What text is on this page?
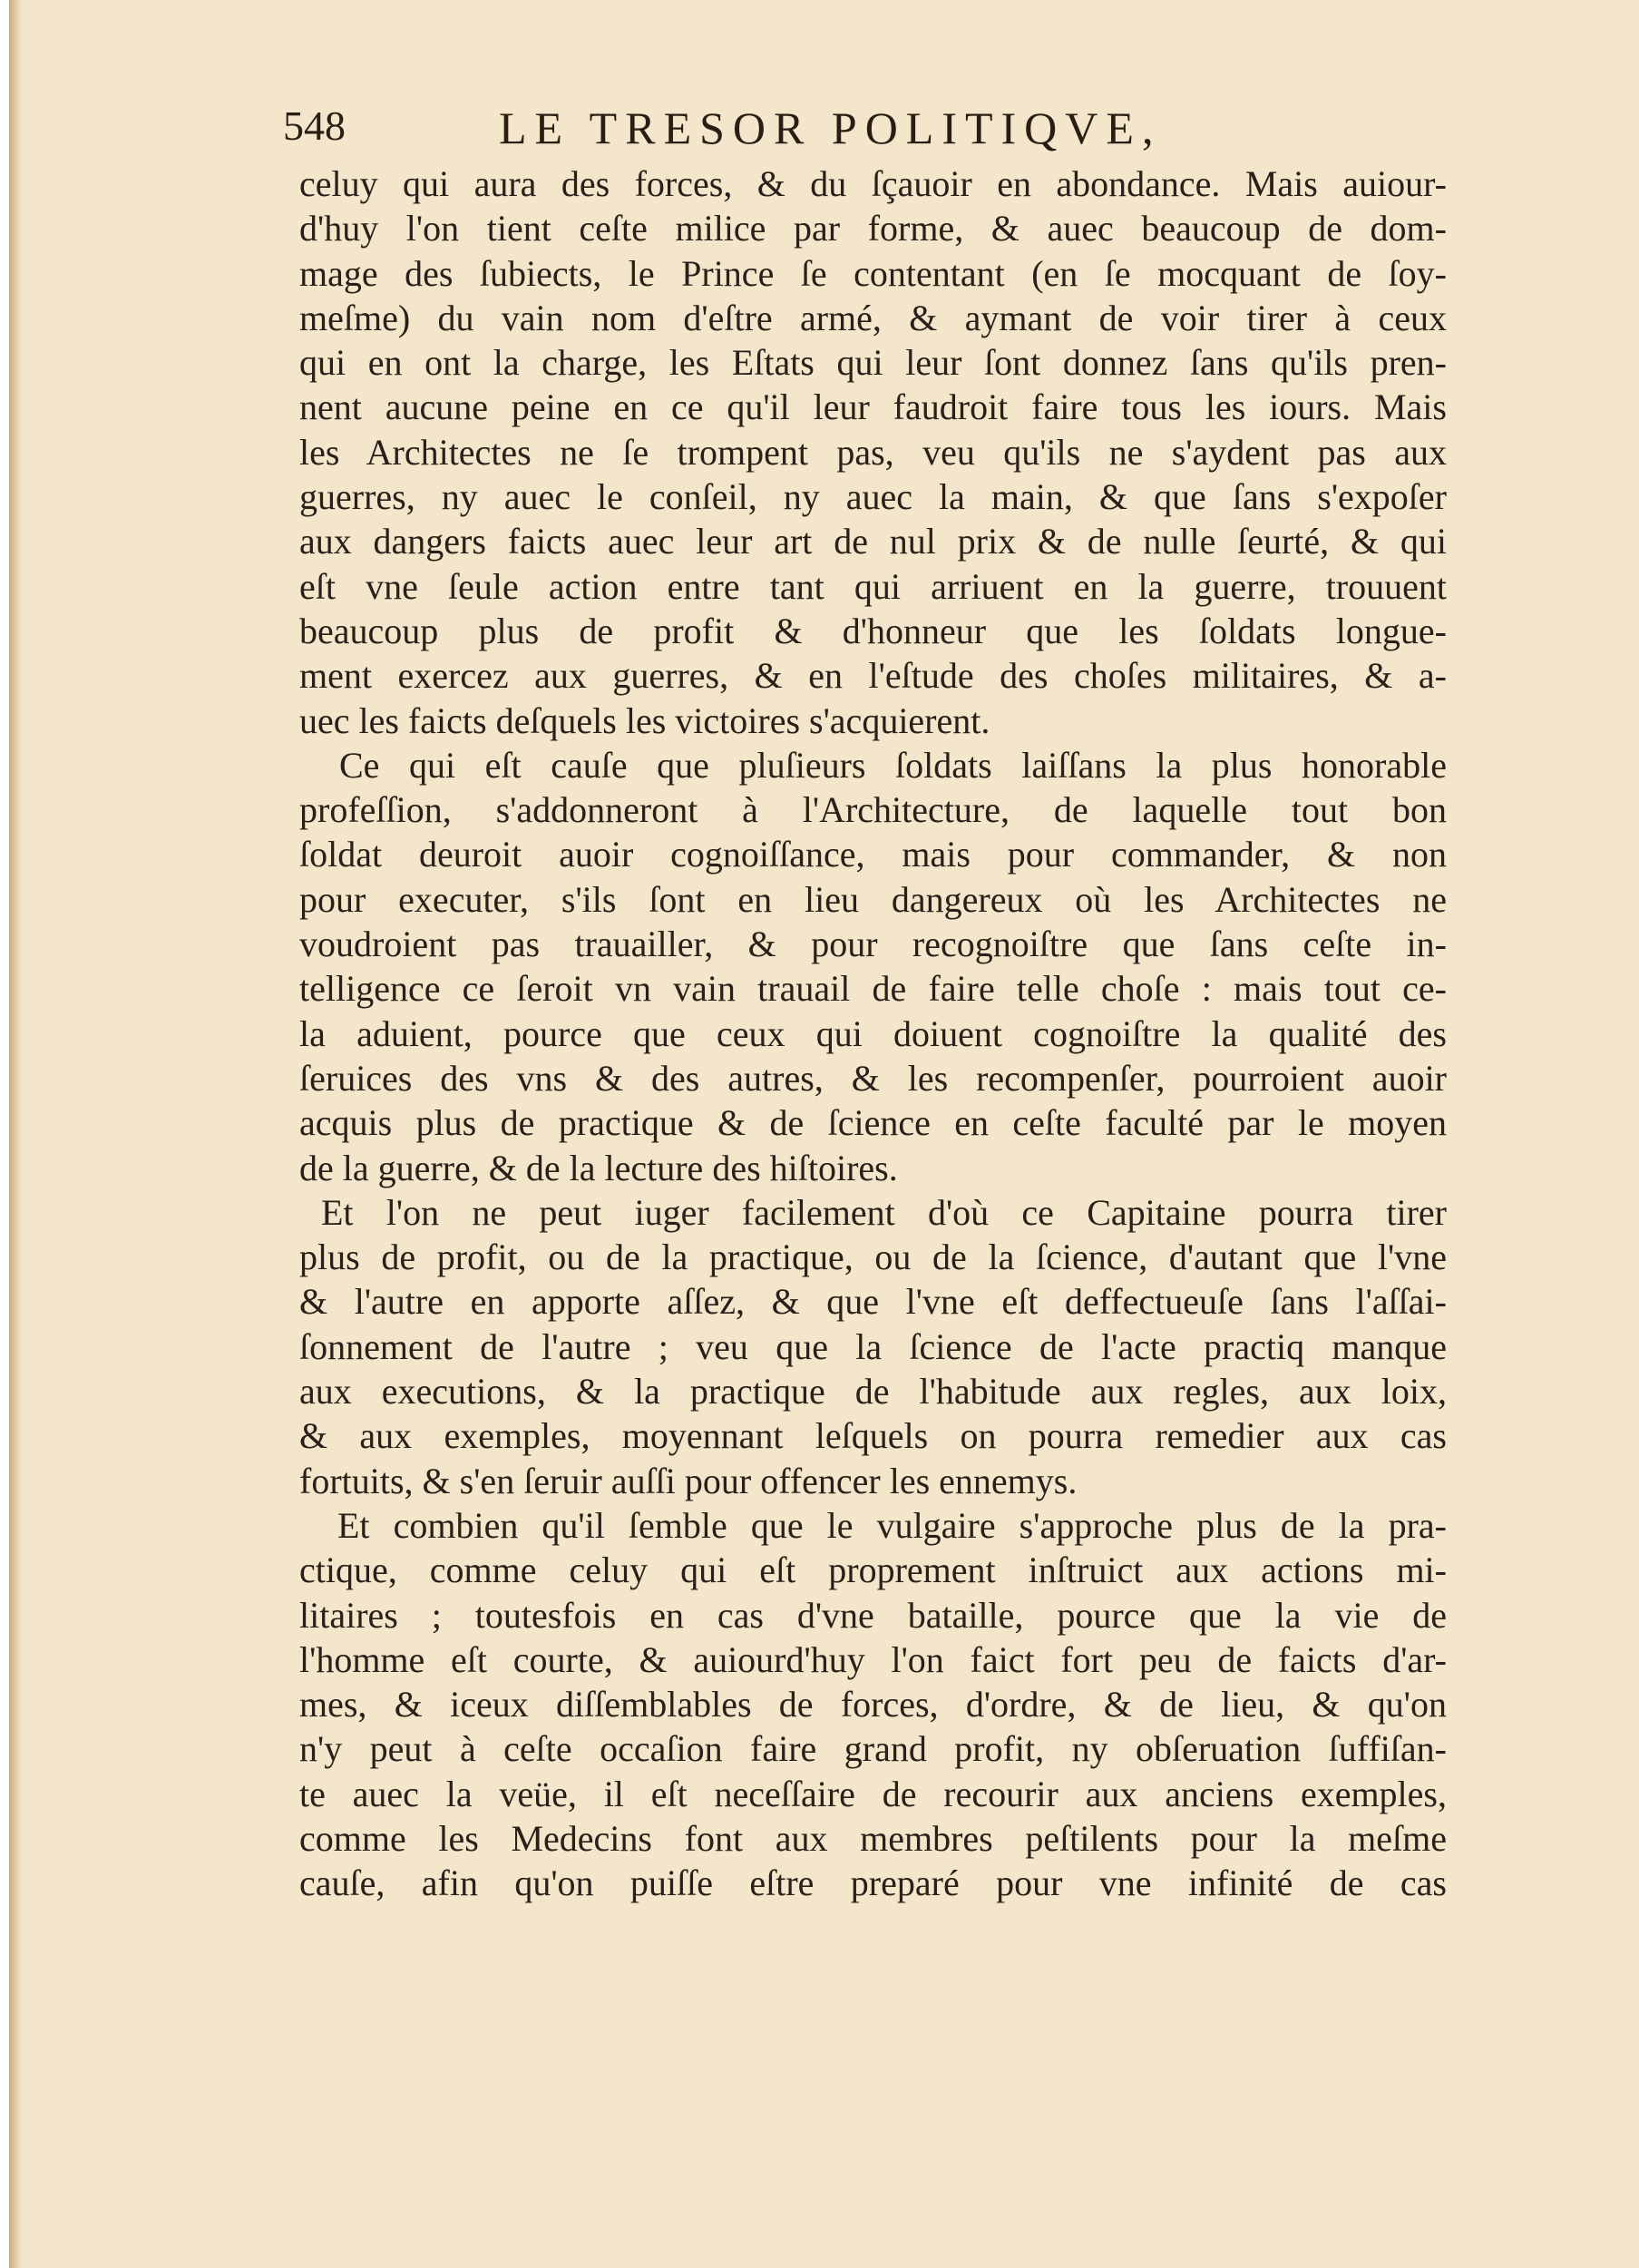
548	LE TRESOR POLITIQVE,
celuy qui aura des forces, & du ſçauoir en abondance. Mais auiour-
d'huy l'on tient ceſte milice par forme, & auec beaucoup de dom-
mage des ſubiects, le Prince ſe contentant (en ſe mocquant de ſoy-
meſme) du vain nom d'eſtre armé, & aymant de voir tirer à ceux
qui en ont la charge, les Eſtats qui leur ſont donnez ſans qu'ils pren-
nent aucune peine en ce qu'il leur faudroit faire tous les iours. Mais
les Architectes ne ſe trompent pas, veu qu'ils ne s'aydent pas aux
guerres, ny auec le conſeil, ny auec la main, & que ſans s'expoſer
aux dangers faicts auec leur art de nul prix & de nulle ſeurté, & qui
eſt vne ſeule action entre tant qui arriuent en la guerre, trouuent
beaucoup plus de profit & d'honneur que les ſoldats longue-
ment exercez aux guerres, & en l'eſtude des choſes militaires, & a-
uec les faicts deſquels les victoires s'acquierent.
Ce qui eſt cauſe que pluſieurs ſoldats laiſſans la plus honorable
profeſſion, s'addonneront à l'Architecture, de laquelle tout bon
ſoldat deuroit auoir cognoiſſance, mais pour commander, & non
pour executer, s'ils ſont en lieu dangereux où les Architectes ne
voudroient pas trauailler, & pour recognoiſtre que ſans ceſte in-
telligence ce ſeroit vn vain trauail de faire telle choſe : mais tout ce-
la aduient, pource que ceux qui doiuent cognoiſtre la qualité des
ſeruices des vns & des autres, & les recompenſer, pourroient auoir
acquis plus de practique & de ſcience en ceſte faculté par le moyen
de la guerre, & de la lecture des hiſtoires.
Et l'on ne peut iuger facilement d'où ce Capitaine pourra tirer
plus de profit, ou de la practique, ou de la ſcience, d'autant que l'vne
& l'autre en apporte aſſez, & que l'vne eſt deffectueuſe ſans l'aſſai-
ſonnement de l'autre ; veu que la ſcience de l'acte practiq manque
aux executions, & la practique de l'habitude aux regles, aux loix,
& aux exemples, moyennant leſquels on pourra remedier aux cas
fortuits, & s'en ſeruir auſſi pour offencer les ennemys.
Et combien qu'il ſemble que le vulgaire s'approche plus de la pra-
ctique, comme celuy qui eſt proprement inſtruict aux actions mi-
litaires ; toutesfois en cas d'vne bataille, pource que la vie de
l'homme eſt courte, & auiourd'huy l'on faict fort peu de faicts d'ar-
mes, & iceux diſſemblables de forces, d'ordre, & de lieu, & qu'on
n'y peut à ceſte occaſion faire grand profit, ny obſeruation ſuffiſan-
te auec la veüe, il eſt neceſſaire de recourir aux anciens exemples,
comme les Medecins font aux membres peſtilents pour la meſme
cauſe, afin qu'on puiſſe eſtre preparé pour vne infinité de cas
